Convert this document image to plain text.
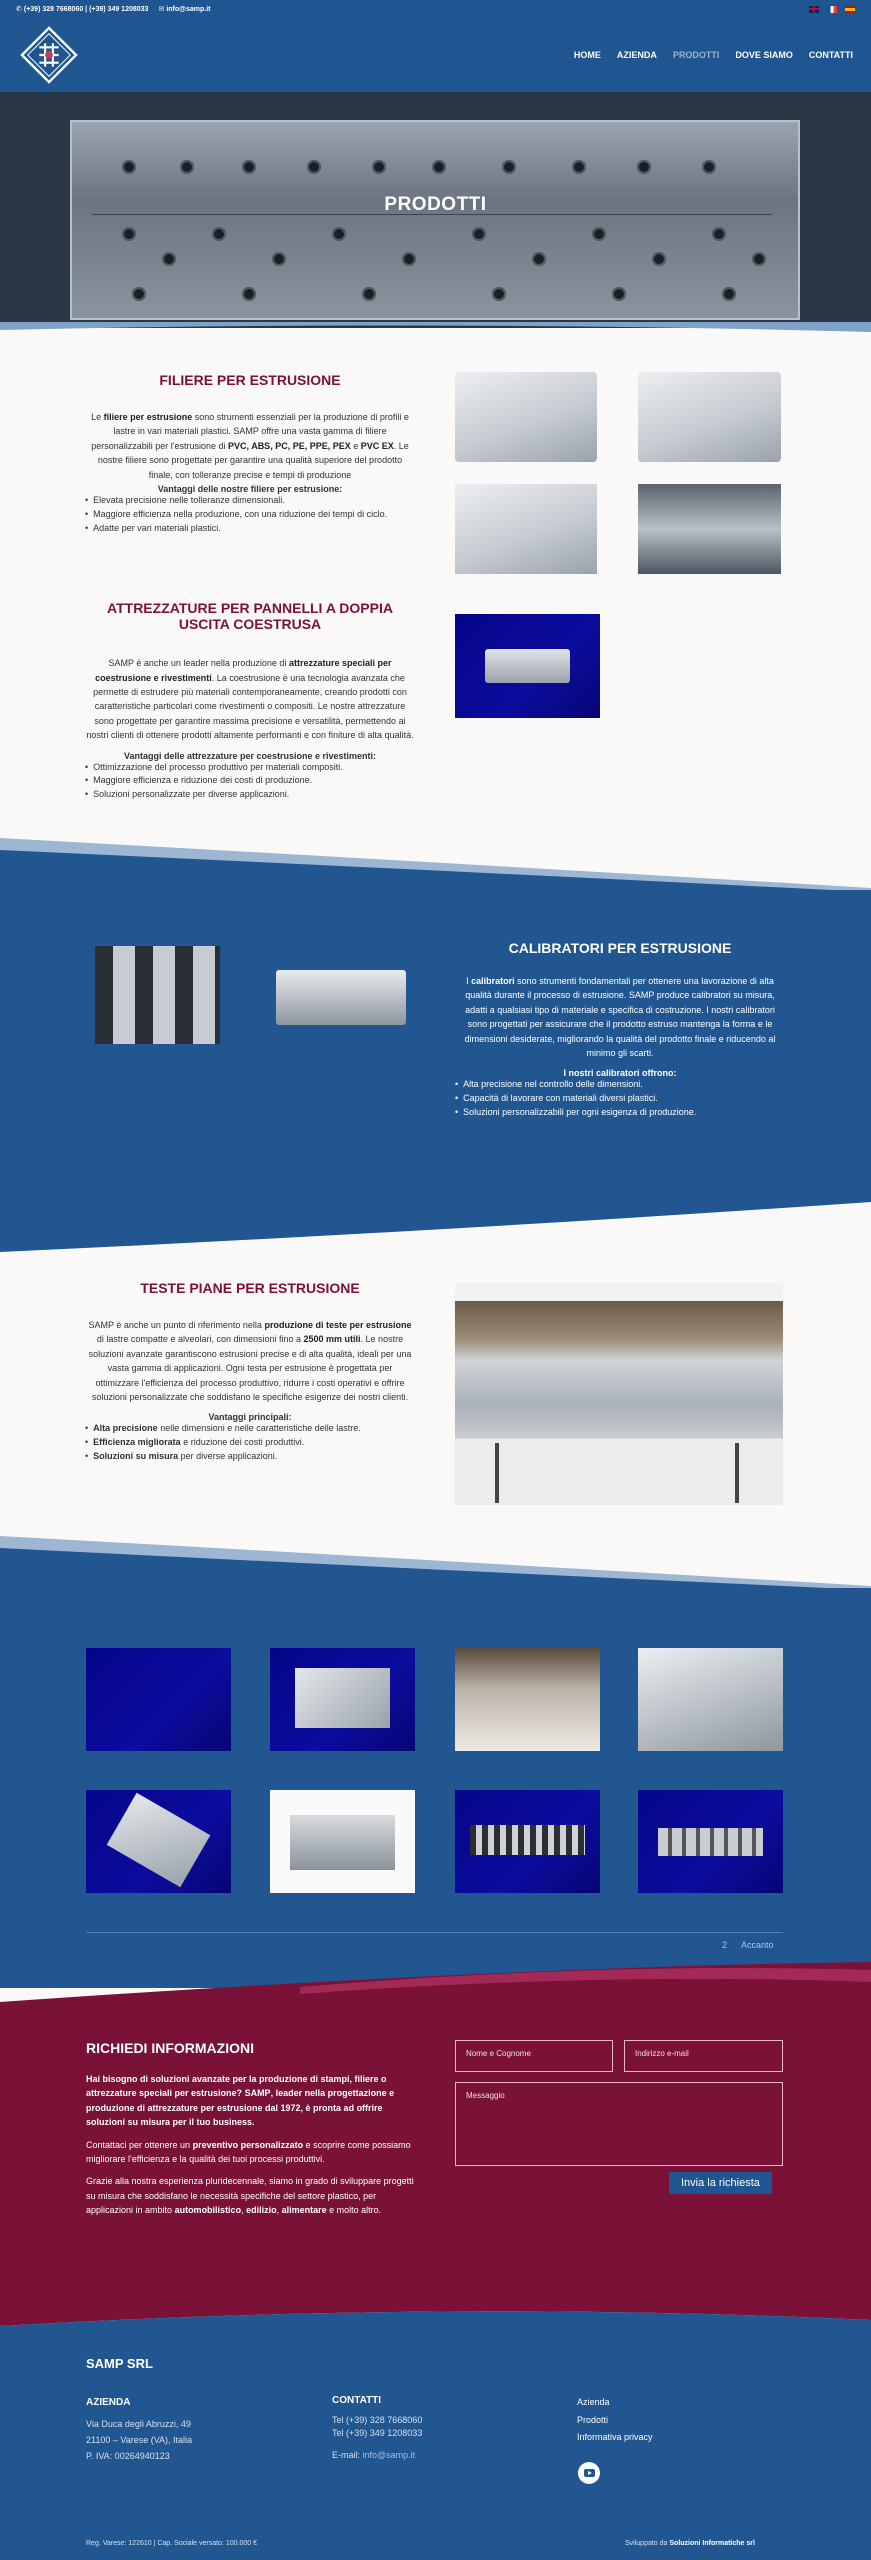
✆ (+39) 328 7668060 | (+39) 349 1208033 ✉ info@samp.it
HOME AZIENDA PRODOTTI DOVE SIAMO CONTATTI
PRODOTTI
FILIERE PER ESTRUSIONE

Le filiere per estrusione sono strumenti essenziali per la produzione di profili e lastre in vari materiali plastici. SAMP offre una vasta gamma di filiere personalizzabili per l'estrusione di PVC, ABS, PC, PE, PPE, PEX e PVC EX. Le nostre filiere sono progettate per garantire una qualità superiore del prodotto finale, con tolleranze precise e tempi di produzione

Vantaggi delle nostre filiere per estrusione:
• Elevata precisione nelle tolleranze dimensionali.
• Maggiore efficienza nella produzione, con una riduzione dei tempi di ciclo.
• Adatte per vari materiali plastici.
ATTREZZATURE PER PANNELLI A DOPPIA USCITA COESTRUSA

SAMP è anche un leader nella produzione di attrezzature speciali per coestrusione e rivestimenti. La coestrusione è una tecnologia avanzata che permette di estrudere più materiali contemporaneamente, creando prodotti con caratteristiche particolari come rivestimenti o compositi. Le nostre attrezzature sono progettate per garantire massima precisione e versatilità, permettendo ai nostri clienti di ottenere prodotti altamente performanti e con finiture di alta qualità.

Vantaggi delle attrezzature per coestrusione e rivestimenti:
• Ottimizzazione del processo produttivo per materiali compositi.
• Maggiore efficienza e riduzione dei costi di produzione.
• Soluzioni personalizzate per diverse applicazioni.
CALIBRATORI PER ESTRUSIONE

I calibratori sono strumenti fondamentali per ottenere una lavorazione di alta qualità durante il processo di estrusione. SAMP produce calibratori su misura, adatti a qualsiasi tipo di materiale e specifica di costruzione. I nostri calibratori sono progettati per assicurare che il prodotto estruso mantenga la forma e le dimensioni desiderate, migliorando la qualità del prodotto finale e riducendo al minimo gli scarti.

I nostri calibratori offrono:
• Alta precisione nel controllo delle dimensioni.
• Capacità di lavorare con materiali diversi plastici.
• Soluzioni personalizzabili per ogni esigenza di produzione.
TESTE PIANE PER ESTRUSIONE

SAMP è anche un punto di riferimento nella produzione di teste per estrusione di lastre compatte e alveolari, con dimensioni fino a 2500 mm utili. Le nostre soluzioni avanzate garantiscono estrusioni precise e di alta qualità, ideali per una vasta gamma di applicazioni. Ogni testa per estrusione è progettata per ottimizzare l'efficienza del processo produttivo, ridurre i costi operativi e offrire soluzioni personalizzate che soddisfano le specifiche esigenze dei nostri clienti.

Vantaggi principali:
• Alta precisione nelle dimensioni e nelle caratteristiche delle lastre.
• Efficienza migliorata e riduzione dei costi produttivi.
• Soluzioni su misura per diverse applicazioni.
2 Accanto
RICHIEDI INFORMAZIONI

Hai bisogno di soluzioni avanzate per la produzione di stampi, filiere o attrezzature speciali per estrusione? SAMP, leader nella progettazione e produzione di attrezzature per estrusione dal 1972, è pronta ad offrire soluzioni su misura per il tuo business.

Contattaci per ottenere un preventivo personalizzato e scoprire come possiamo migliorare l'efficienza e la qualità dei tuoi processi produttivi.

Grazie alla nostra esperienza pluridecennale, siamo in grado di sviluppare progetti su misura che soddisfano le necessità specifiche del settore plastico, per applicazioni in ambito automobilistico, edilizio, alimentare e molto altro.

Nome e Cognome	Indirizzo e-mail
Messaggio
Invia la richiesta
SAMP SRL
AZIENDA
Via Duca degli Abruzzi, 49
21100 – Varese (VA), Italia
P. IVA: 00264940123
CONTATTI
Tel (+39) 328 7668060
Tel (+39) 349 1208033
E-mail: info@samp.it
Azienda
Prodotti
Informativa privacy
Reg. Varese: 122610 | Cap. Sociale versato: 100.000 €	Sviluppato da Soluzioni Informatiche srl
